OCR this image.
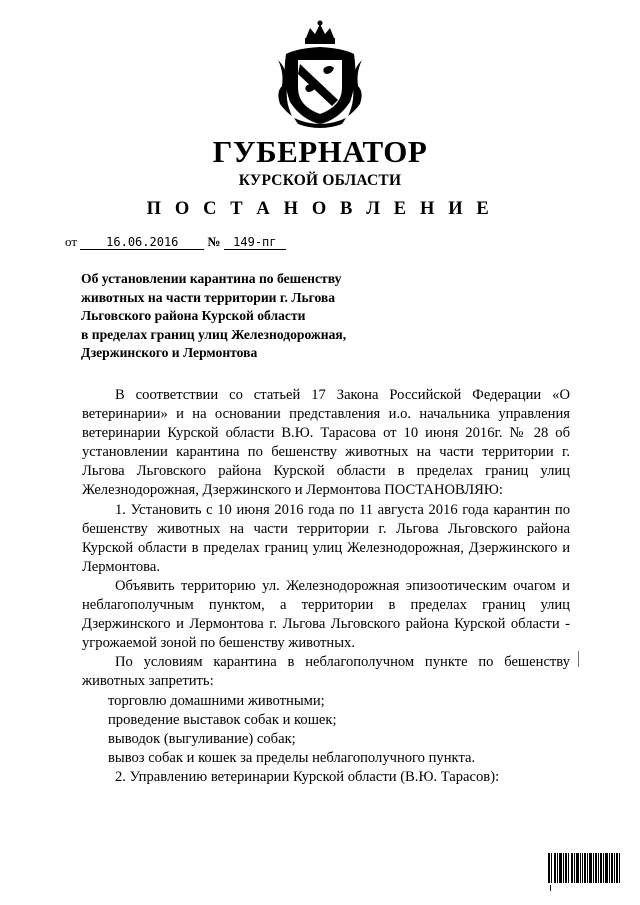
ГУБЕРНАТОР
КУРСКОЙ ОБЛАСТИ
П О С Т А Н О В Л Е Н И Е
от 16.06.2016 № 149-пг
Об установлении карантина по бешенству
животных на части территории г. Льгова
Льговского района Курской области
в пределах границ улиц Железнодорожная,
Дзержинского и Лермонтова

В соответствии со статьей 17 Закона Российской Федерации «О ветеринарии» и на основании представления и.о. начальника управления ветеринарии Курской области В.Ю. Тарасова от 10 июня 2016г. № 28 об установлении карантина по бешенству животных на части территории г. Льгова Льговского района Курской области в пределах границ улиц Железнодорожная, Дзержинского и Лермонтова ПОСТАНОВЛЯЮ:

1. Установить с 10 июня 2016 года по 11 августа 2016 года карантин по бешенству животных на части территории г. Льгова Льговского района Курской области в пределах границ улиц Железнодорожная, Дзержинского и Лермонтова.

Объявить территорию ул. Железнодорожная эпизоотическим очагом и неблагополучным пунктом, а территории в пределах границ улиц Дзержинского и Лермонтова г. Льгова Льговского района Курской области - угрожаемой зоной по бешенству животных.

По условиям карантина в неблагополучном пункте по бешенству животных запретить:

торговлю домашними животными;

проведение выставок собак и кошек;

выводок (выгуливание) собак;

вывоз собак и кошек за пределы неблагополучного пункта.

2. Управлению ветеринарии Курской области (В.Ю. Тарасов):
